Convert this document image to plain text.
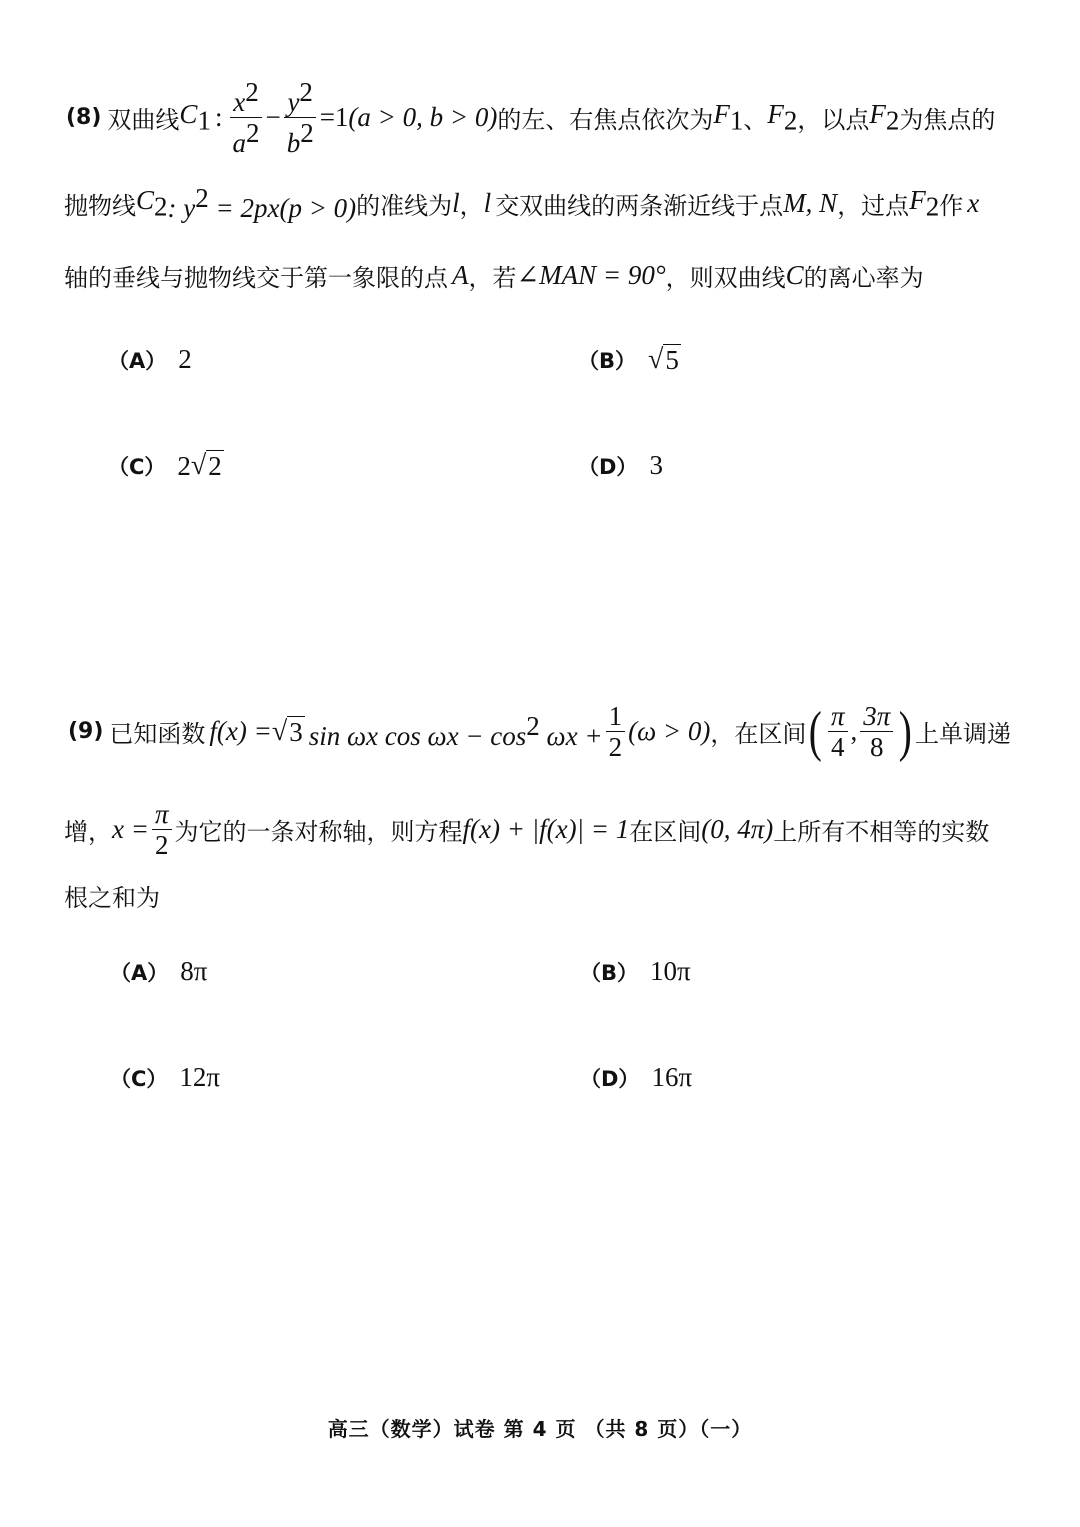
(8) 双曲线 $C_1$ : $\frac{x^2}{a^2} - \frac{y^2}{b^2} =1$ (a > 0, b > 0) 的左、右焦点依次为 $F_1$ 、 $F_2$ ，以点 $F_2$ 为焦点的
抛物线 $C_2$ : $y^2 = 2px(p > 0)$ 的准线为 l ， l 交双曲线的两条渐近线于点 M, N ，过点 $F_2$ 作 x
轴的垂线与抛物线交于第一象限的点 A ，若 ∠MAN = 90° ，则双曲线 C 的离心率为
（A） 2	（B） √ 5
（C） 2 √ 2	（D） 3
(9) 已知函数 f(x) = √ 3 sin ωx $\cos \omega x - \cos^2 \omega x + \frac{1}{2} (\omega > 0)$ ，在区间 ( $\frac{\pi}{4}$ , $\frac{3\pi}{8}$ ) 上单调递
增， $x = \frac{\pi}{2}$ 为它的一条对称轴，则方程 f(x) + |f(x)| = 1 在区间 (0, 4π) 上所有不相等的实数
根之和为
（A） 8π	（B） 10π
（C） 12π	（D） 16π
高三（数学）试卷 第 4 页 （共 8 页）（一）
